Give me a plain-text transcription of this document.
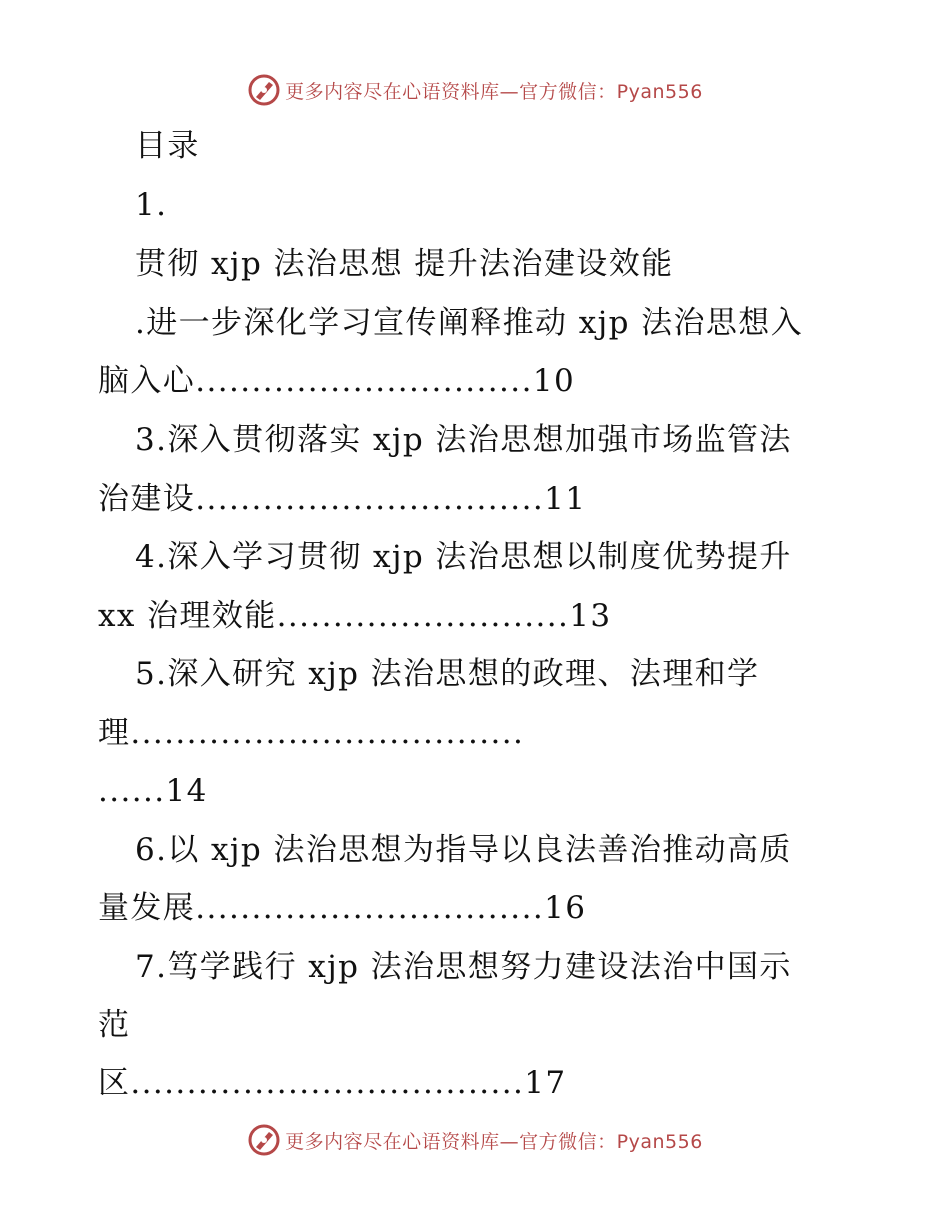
更多内容尽在心语资料库—官方微信：Pyan556
目录
1.
贯彻 xjp 法治思想 提升法治建设效能
.进一步深化学习宣传阐释推动 xjp 法治思想入
脑入心..............................10
3.深入贯彻落实 xjp 法治思想加强市场监管法
治建设...............................11
4.深入学习贯彻 xjp 法治思想以制度优势提升
xx 治理效能..........................13
5.深入研究 xjp 法治思想的政理、法理和学
理...................................
......14
6.以 xjp 法治思想为指导以良法善治推动高质
量发展...............................16
7.笃学践行 xjp 法治思想努力建设法治中国示
范
区...................................17
更多内容尽在心语资料库—官方微信：Pyan556
